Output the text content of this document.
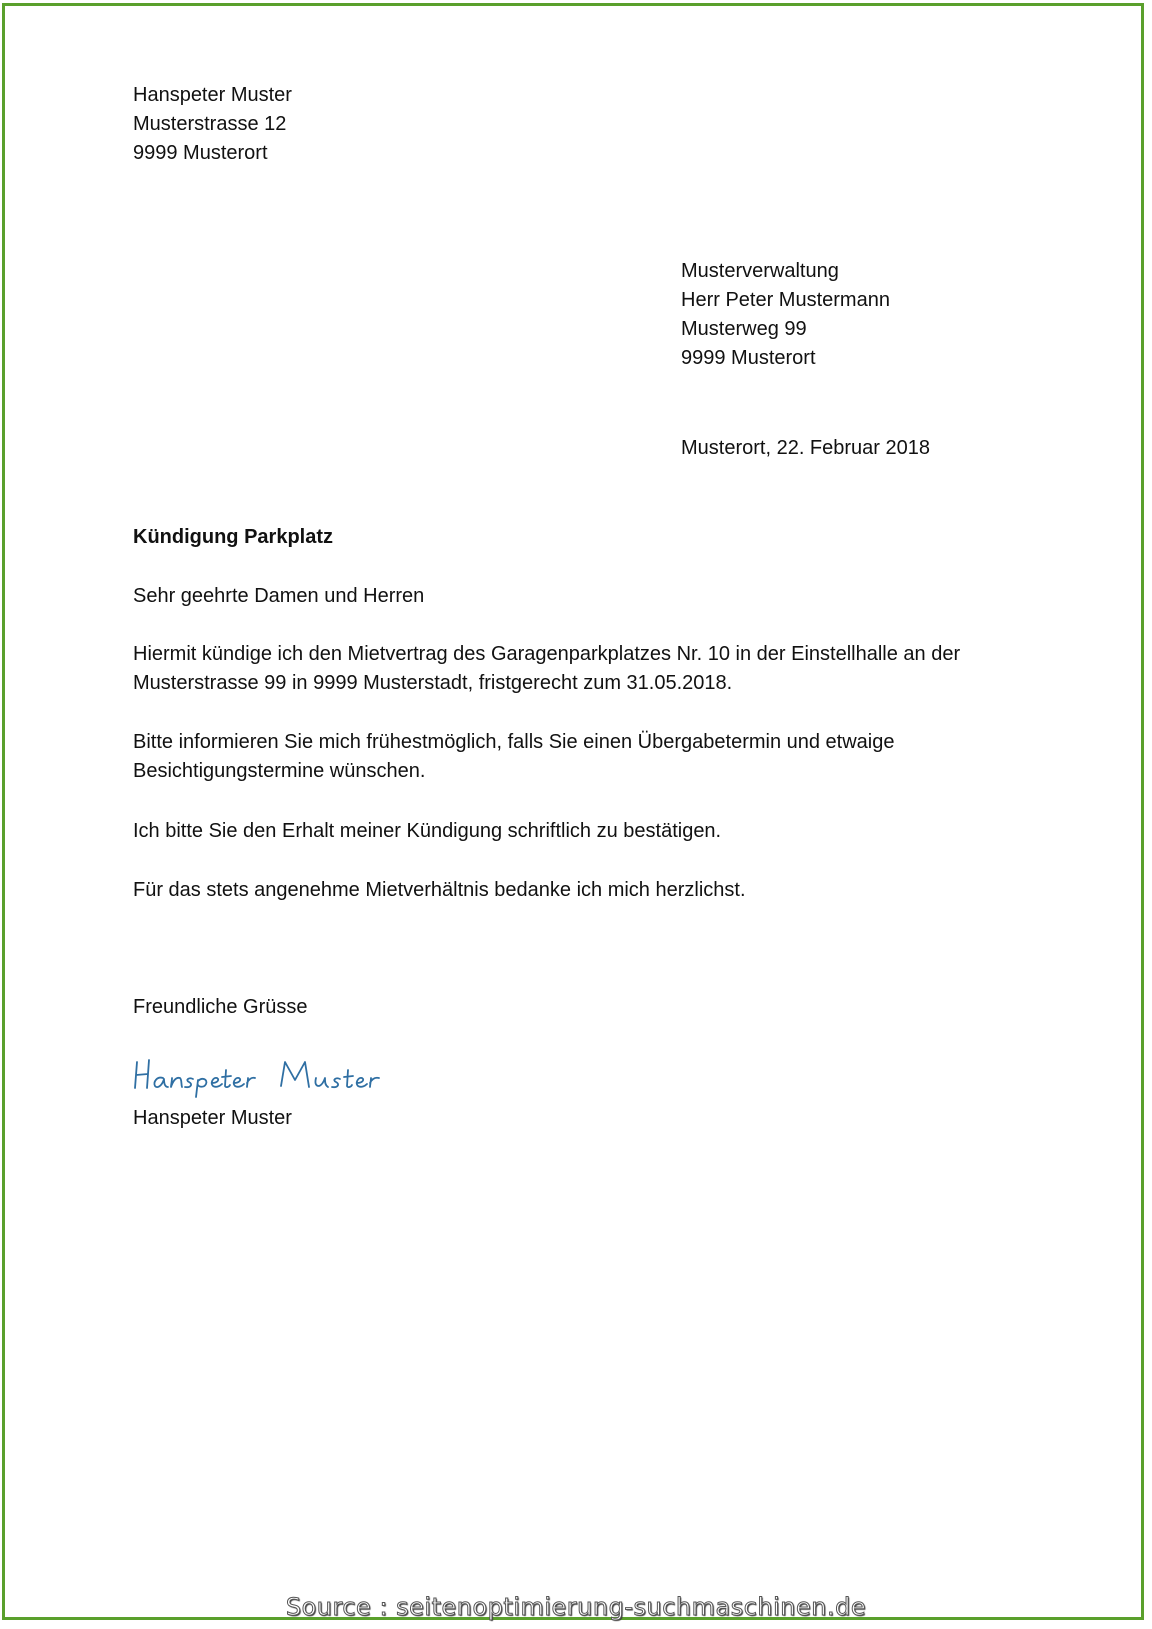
Hanspeter Muster
Musterstrasse 12
9999 Musterort
Musterverwaltung
Herr Peter Mustermann
Musterweg 99
9999 Musterort
Musterort, 22. Februar 2018
Kündigung Parkplatz
Sehr geehrte Damen und Herren
Hiermit kündige ich den Mietvertrag des Garagenparkplatzes Nr. 10 in der Einstellhalle an der
Musterstrasse 99 in 9999 Musterstadt, fristgerecht zum 31.05.2018.
Bitte informieren Sie mich frühestmöglich, falls Sie einen Übergabetermin und etwaige
Besichtigungstermine wünschen.
Ich bitte Sie den Erhalt meiner Kündigung schriftlich zu bestätigen.
Für das stets angenehme Mietverhältnis bedanke ich mich herzlichst.
Freundliche Grüsse
Hanspeter Muster
Source : seitenoptimierung-suchmaschinen.de
